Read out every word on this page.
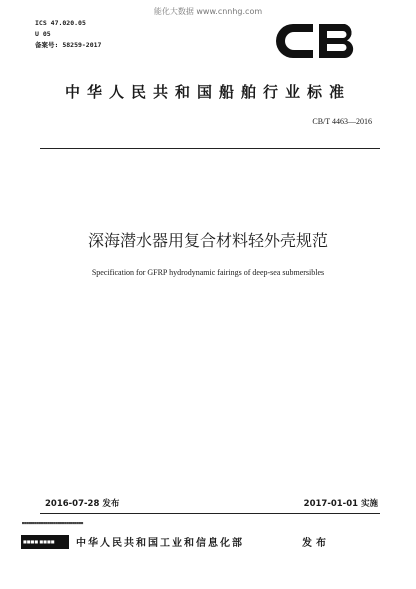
能化大数据 www.cnnhg.com
ICS 47.020.05
U 05
备案号: 58259-2017
中华人民共和国船舶行业标准
CB/T 4463—2016
深海潜水器用复合材料轻外壳规范
Specification for GFRP hydrodynamic fairings of deep-sea submersibles
2016-07-28 发布	2017-01-01 实施
■■■■■■■■■■■■■■■■■■■■■■■■■■■■■
■■■■ ■■■■ 中华人民共和国工业和信息化部	发布
